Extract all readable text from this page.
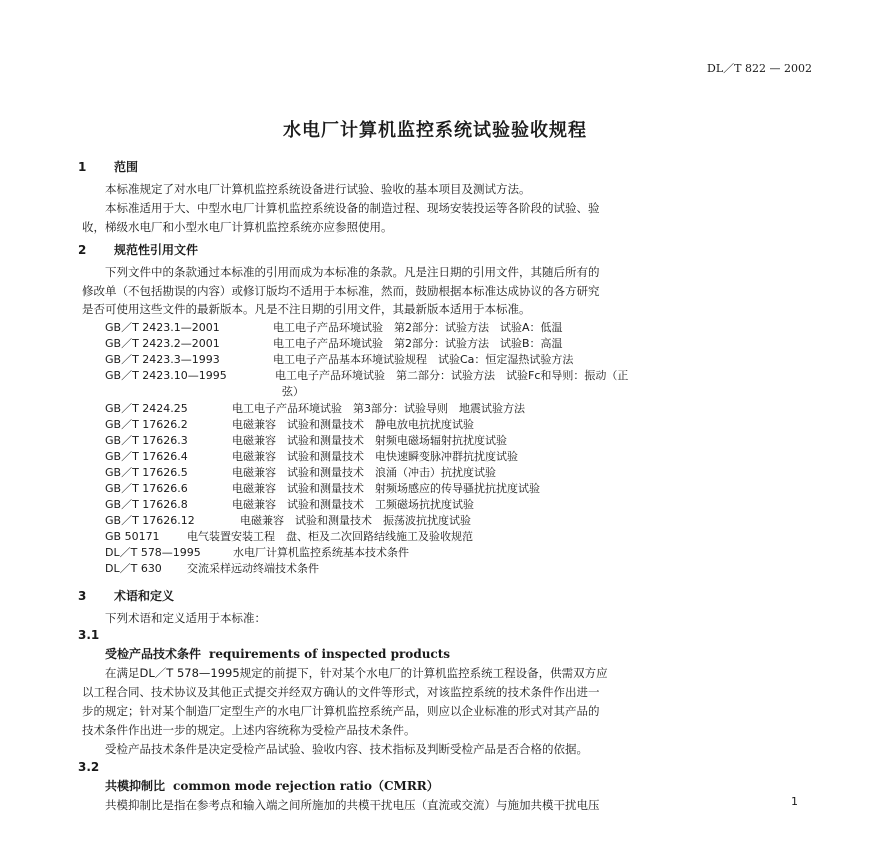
DL／T 822 — 2002
水电厂计算机监控系统试验验收规程
1 范围
本标准规定了对水电厂计算机监控系统设备进行试验、验收的基本项目及测试方法。
本标准适用于大、中型水电厂计算机监控系统设备的制造过程、现场安装投运等各阶段的试验、验
收，梯级水电厂和小型水电厂计算机监控系统亦应参照使用。
2 规范性引用文件
下列文件中的条款通过本标准的引用而成为本标准的条款。凡是注日期的引用文件，其随后所有的
修改单（不包括勘误的内容）或修订版均不适用于本标准，然而，鼓励根据本标准达成协议的各方研究
是否可使用这些文件的最新版本。凡是不注日期的引用文件，其最新版本适用于本标准。
GB／T 2423.1—2001	电工电子产品环境试验　第2部分：试验方法　试验A：低温
GB／T 2423.2—2001	电工电子产品环境试验　第2部分：试验方法　试验B：高温
GB／T 2423.3—1993	电工电子产品基本环境试验规程　试验Ca：恒定湿热试验方法
GB／T 2423.10—1995	电工电子产品环境试验　第二部分：试验方法　试验Fc和导则：振动（正
弦）
GB／T 2424.25	电工电子产品环境试验　第3部分：试验导则　地震试验方法
GB／T 17626.2	电磁兼容　试验和测量技术　静电放电抗扰度试验
GB／T 17626.3	电磁兼容　试验和测量技术　射频电磁场辐射抗扰度试验
GB／T 17626.4	电磁兼容　试验和测量技术　电快速瞬变脉冲群抗扰度试验
GB／T 17626.5	电磁兼容　试验和测量技术　浪涌（冲击）抗扰度试验
GB／T 17626.6	电磁兼容　试验和测量技术　射频场感应的传导骚扰抗扰度试验
GB／T 17626.8	电磁兼容　试验和测量技术　工频磁场抗扰度试验
GB／T 17626.12	电磁兼容　试验和测量技术　振荡波抗扰度试验
GB 50171 电气装置安装工程　盘、柜及二次回路结线施工及验收规范
DL／T 578—1995	水电厂计算机监控系统基本技术条件
DL／T 630 交流采样远动终端技术条件
3 术语和定义
下列术语和定义适用于本标准：
3.1
受检产品技术条件 requirements of inspected products
在满足DL／T 578—1995规定的前提下，针对某个水电厂的计算机监控系统工程设备，供需双方应
以工程合同、技术协议及其他正式提交并经双方确认的文件等形式，对该监控系统的技术条件作出进一
步的规定；针对某个制造厂定型生产的水电厂计算机监控系统产品，则应以企业标准的形式对其产品的
技术条件作出进一步的规定。上述内容统称为受检产品技术条件。
受检产品技术条件是决定受检产品试验、验收内容、技术指标及判断受检产品是否合格的依据。
3.2
共模抑制比 common mode rejection ratio（CMRR）
共模抑制比是指在参考点和输入端之间所施加的共模干扰电压（直流或交流）与施加共模干扰电压	1
